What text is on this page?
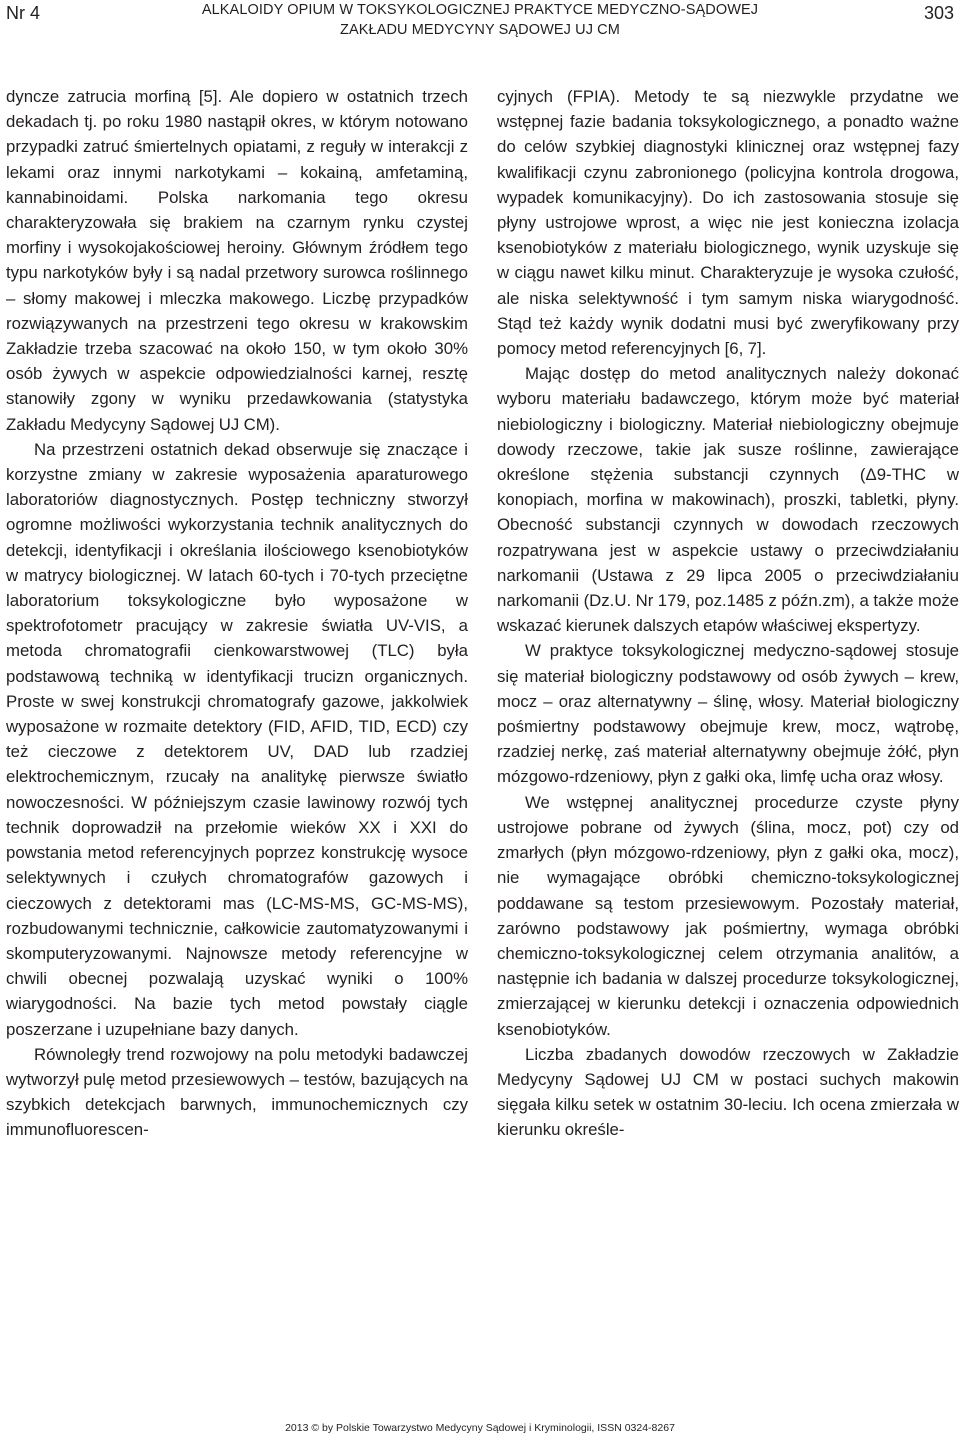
Nr 4	ALKALOIDY OPIUM W TOKSYKOLOGICZNEJ PRAKTYCE MEDYCZNO-SĄDOWEJ
ZAKŁADU MEDYCYNY SĄDOWEJ UJ CM
303

dyncze zatrucia morfiną [5]. Ale dopiero w ostatnich trzech dekadach tj. po roku 1980 nastąpił okres, w którym notowano przypadki zatruć śmiertelnych opiatami, z reguły w interakcji z lekami oraz innymi narkotykami – kokainą, amfetaminą, kannabinoidami. Polska narkomania tego okresu charakteryzowała się brakiem na czarnym rynku czystej morfiny i wysokojakościowej heroiny. Głównym źródłem tego typu narkotyków były i są nadal przetwory surowca roślinnego – słomy makowej i mleczka makowego. Liczbę przypadków rozwiązywanych na przestrzeni tego okresu w krakowskim Zakładzie trzeba szacować na około 150, w tym około 30% osób żywych w aspekcie odpowiedzialności karnej, resztę stanowiły zgony w wyniku przedawkowania (statystyka Zakładu Medycyny Sądowej UJ CM).

Na przestrzeni ostatnich dekad obserwuje się znaczące i korzystne zmiany w zakresie wyposażenia aparaturowego laboratoriów diagnostycznych. Postęp techniczny stworzył ogromne możliwości wykorzystania technik analitycznych do detekcji, identyfikacji i określania ilościowego ksenobiotyków w matrycy biologicznej. W latach 60-tych i 70-tych przeciętne laboratorium toksykologiczne było wyposażone w spektrofotometr pracujący w zakresie światła UV-VIS, a metoda chromatografii cienkowarstwowej (TLC) była podstawową techniką w identyfikacji trucizn organicznych. Proste w swej konstrukcji chromatografy gazowe, jakkolwiek wyposażone w rozmaite detektory (FID, AFID, TID, ECD) czy też cieczowe z detektorem UV, DAD lub rzadziej elektrochemicznym, rzucały na analitykę pierwsze światło nowoczesności. W późniejszym czasie lawinowy rozwój tych technik doprowadził na przełomie wieków XX i XXI do powstania metod referencyjnych poprzez konstrukcję wysoce selektywnych i czułych chromatografów gazowych i cieczowych z detektorami mas (LC-MS-MS, GC-MS-MS), rozbudowanymi technicznie, całkowicie zautomatyzowanymi i skomputeryzowanymi. Najnowsze metody referencyjne w chwili obecnej pozwalają uzyskać wyniki o 100% wiarygodności. Na bazie tych metod powstały ciągle poszerzane i uzupełniane bazy danych.

Równoległy trend rozwojowy na polu metodyki badawczej wytworzył pulę metod przesiewowych – testów, bazujących na szybkich detekcjach barwnych, immunochemicznych czy immunofluorescen-

cyjnych (FPIA). Metody te są niezwykle przydatne we wstępnej fazie badania toksykologicznego, a ponadto ważne do celów szybkiej diagnostyki klinicznej oraz wstępnej fazy kwalifikacji czynu zabronionego (policyjna kontrola drogowa, wypadek komunikacyjny). Do ich zastosowania stosuje się płyny ustrojowe wprost, a więc nie jest konieczna izolacja ksenobiotyków z materiału biologicznego, wynik uzyskuje się w ciągu nawet kilku minut. Charakteryzuje je wysoka czułość, ale niska selektywność i tym samym niska wiarygodność. Stąd też każdy wynik dodatni musi być zweryfikowany przy pomocy metod referencyjnych [6, 7].

Mając dostęp do metod analitycznych należy dokonać wyboru materiału badawczego, którym może być materiał niebiologiczny i biologiczny. Materiał niebiologiczny obejmuje dowody rzeczowe, takie jak susze roślinne, zawierające określone stężenia substancji czynnych (Δ9-THC w konopiach, morfina w makowinach), proszki, tabletki, płyny. Obecność substancji czynnych w dowodach rzeczowych rozpatrywana jest w aspekcie ustawy o przeciwdziałaniu narkomanii (Ustawa z 29 lipca 2005 o przeciwdziałaniu narkomanii (Dz.U. Nr 179, poz.1485 z późn.zm), a także może wskazać kierunek dalszych etapów właściwej ekspertyzy.

W praktyce toksykologicznej medyczno-sądowej stosuje się materiał biologiczny podstawowy od osób żywych – krew, mocz – oraz alternatywny – ślinę, włosy. Materiał biologiczny pośmiertny podstawowy obejmuje krew, mocz, wątrobę, rzadziej nerkę, zaś materiał alternatywny obejmuje żółć, płyn mózgowo-rdzeniowy, płyn z gałki oka, limfę ucha oraz włosy.

We wstępnej analitycznej procedurze czyste płyny ustrojowe pobrane od żywych (ślina, mocz, pot) czy od zmarłych (płyn mózgowo-rdzeniowy, płyn z gałki oka, mocz), nie wymagające obróbki chemiczno-toksykologicznej poddawane są testom przesiewowym. Pozostały materiał, zarówno podstawowy jak pośmiertny, wymaga obróbki chemiczno-toksykologicznej celem otrzymania analitów, a następnie ich badania w dalszej procedurze toksykologicznej, zmierzającej w kierunku detekcji i oznaczenia odpowiednich ksenobiotyków.

Liczba zbadanych dowodów rzeczowych w Zakładzie Medycyny Sądowej UJ CM w postaci suchych makowin sięgała kilku setek w ostatnim 30-leciu. Ich ocena zmierzała w kierunku określe-

2013 © by Polskie Towarzystwo Medycyny Sądowej i Kryminologii, ISSN 0324-8267
